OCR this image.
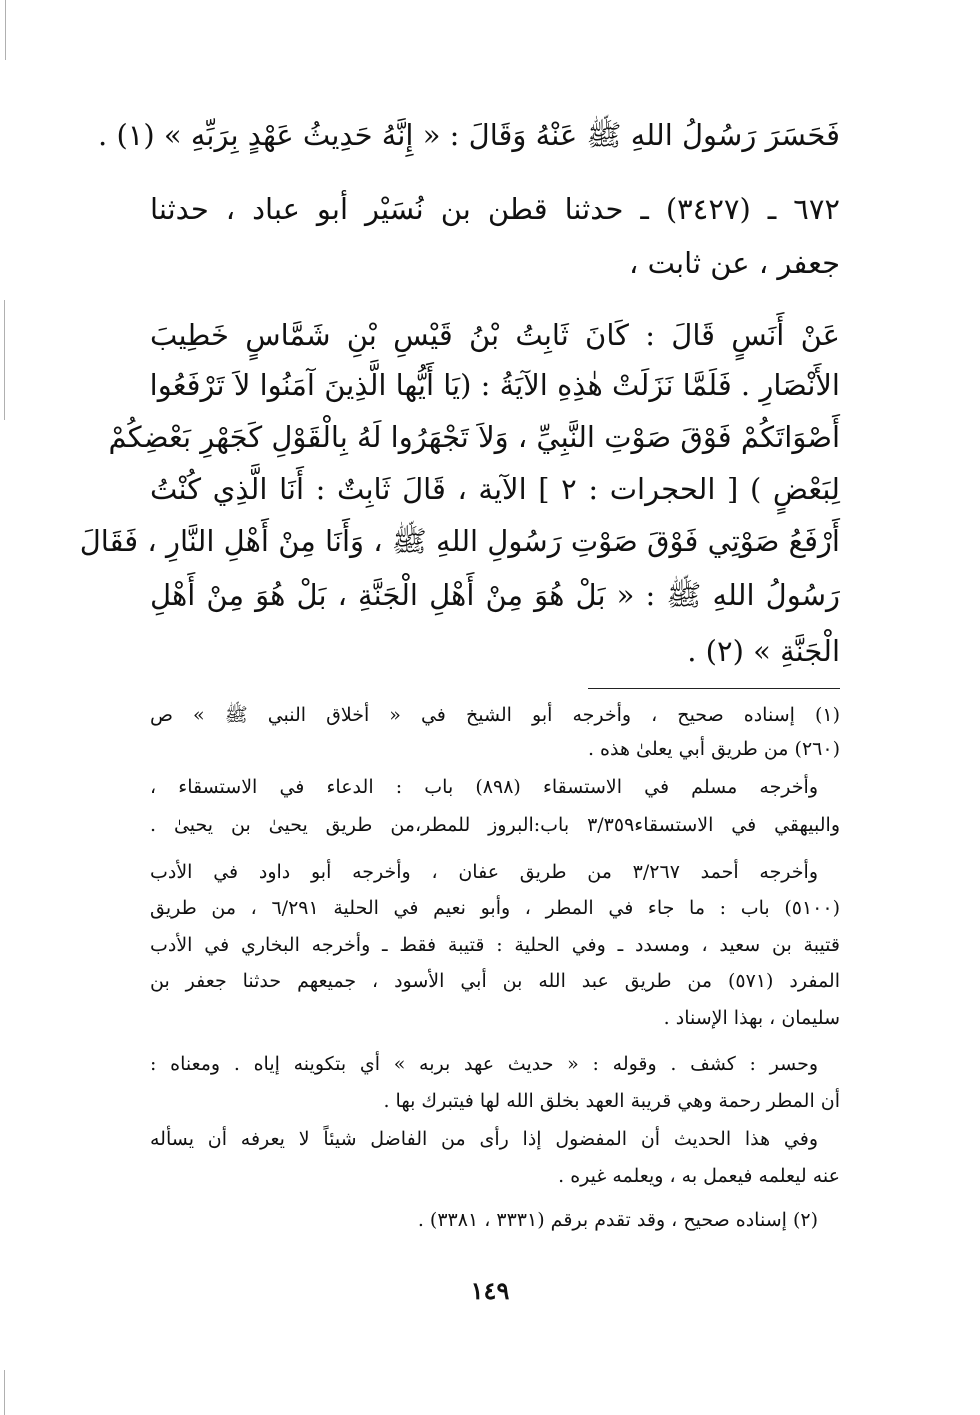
فَحَسَرَ رَسُولُ اللهِ ﷺ عَنْهُ وَقَالَ : « إِنَّهُ حَدِيثُ عَهْدٍ بِرَبِّهِ » (١) .
٦٧٢ ـ (٣٤٢٧) ـ حدثنا قطن بن نُسَيْر أبو عباد ، حدثنا
جعفر ، عن ثابت ،
عَنْ أَنَسٍ قَالَ : كَانَ ثَابِتُ بْنُ قَيْسِ بْنِ شَمَّاسٍ خَطِيبَ
الأَنْصَارِ . فَلَمَّا نَزَلَتْ هٰذِهِ الآيَةُ : (يَا أَيُّها الَّذِينَ آمَنُوا لاَ تَرْفَعُوا
أَصْوَاتَكُمْ فَوْقَ صَوْتِ النَّبِيِّ ، وَلاَ تَجْهَرُوا لَهُ بِالْقَوْلِ كَجَهْرِ بَعْضِكُمْ
لِبَعْضٍ ) [ الحجرات : ٢ ] الآية ، قَالَ ثَابِتٌ : أَنَا الَّذِي كُنْتُ
أَرْفَعُ صَوْتِي فَوْقَ صَوْتِ رَسُولِ اللهِ ﷺ ، وَأَنَا مِنْ أَهْلِ النَّارِ ، فَقَالَ
رَسُولُ اللهِ ﷺ : « بَلْ هُوَ مِنْ أَهْلِ الْجَنَّةِ ، بَلْ هُوَ مِنْ أَهْلِ
الْجَنَّةِ » (٢) .
(١) إسناده صحيح ، وأخرجه أبو الشيخ في « أخلاق النبي ﷺ » ص
(٢٦٠) من طريق أبي يعلىٰ هذه .
وأخرجه مسلم في الاستسقاء (٨٩٨) باب : الدعاء في الاستسقاء ،
والبيهقي في الاستسقاء٣/٣٥٩ باب:البروز للمطر،من طريق يحيىٰ بن يحيىٰ .
وأخرجه أحمد ٣/٢٦٧ من طريق عفان ، وأخرجه أبو داود في الأدب
(٥١٠٠) باب : ما جاء في المطر ، وأبو نعيم في الحلية ٦/٢٩١ ، من طريق
قتيبة بن سعيد ، ومسدد ـ وفي الحلية : قتيبة فقط ـ وأخرجه البخاري في الأدب
المفرد (٥٧١) من طريق عبد الله بن أبي الأسود ، جميعهم حدثنا جعفر بن
سليمان ، بهذا الإسناد .
وحسر : كشف . وقوله : « حديث عهد بربه » أي بتكوينه إياه . ومعناه :
أن المطر رحمة وهي قريبة العهد بخلق الله لها فيتبرك بها .
وفي هذا الحديث أن المفضول إذا رأى من الفاضل شيئاً لا يعرفه أن يسأله
عنه ليعلمه فيعمل به ، ويعلمه غيره .
(٢) إسناده صحيح ، وقد تقدم برقم (٣٣٣١ ، ٣٣٨١) .
١٤٩
